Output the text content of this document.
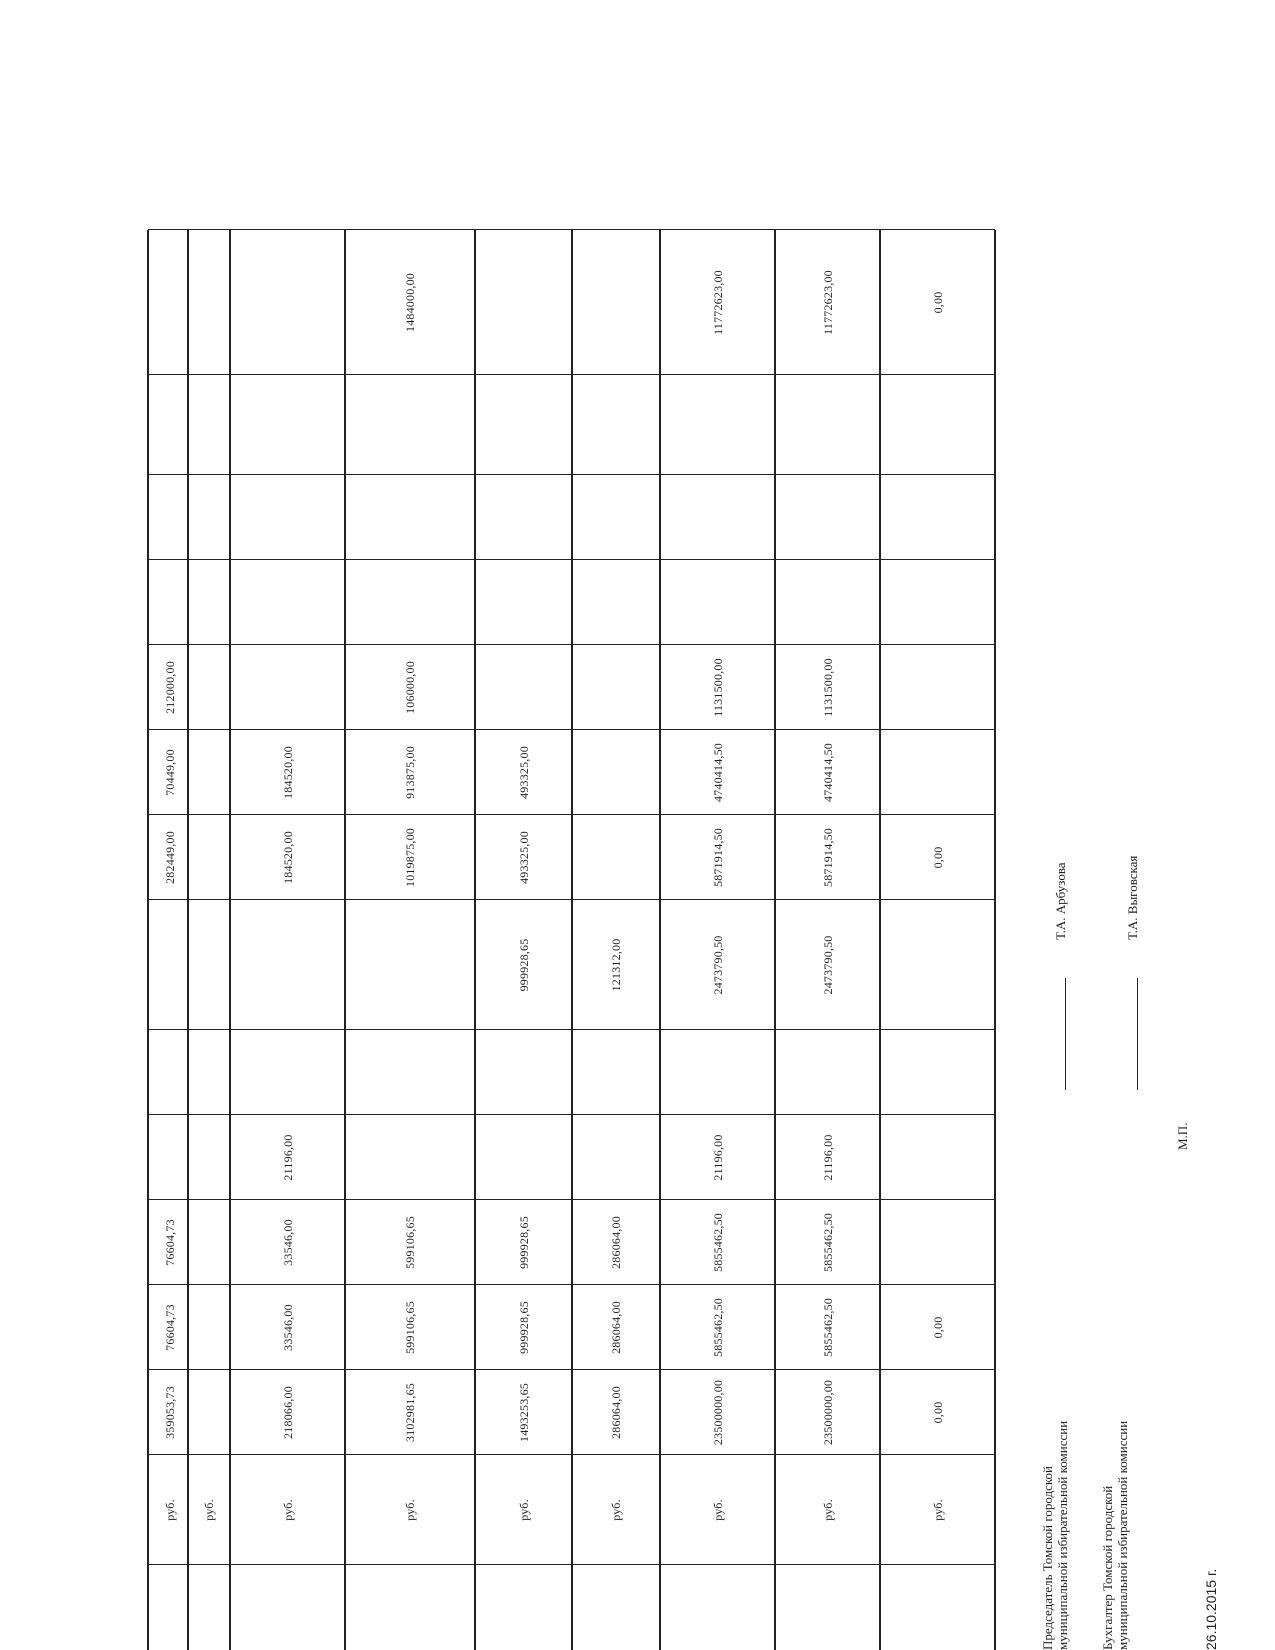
руб.
359053,73
76604,73
76604,73
282449,00
70449,00
212000,00
руб.	руб.
218066,00
33546,00
33546,00
21196,00
184520,00
184520,00
руб.
3102981,65
599106,65
599106,65
1019875,00
913875,00
106000,00
1484000,00
руб.
1493253,65
999928,65
999928,65
999928,65
493325,00
493325,00
руб.
286064,00
286064,00
286064,00
121312,00
руб.
23500000,00
5855462,50
5855462,50
21196,00
2473790,50
5871914,50
4740414,50
1131500,00
11772623,00
руб.
23500000,00
5855462,50
5855462,50
21196,00
2473790,50
5871914,50
4740414,50
1131500,00
11772623,00
руб.
0,00
0,00
0,00
0,00
Председатель Томской городской муниципальной избирательной комиссии
Т.А. Арбузова
Бухгалтер Томской городской муниципальной избирательной комиссии
Т.А. Выговская
М.П.
26.10.2015 г.
